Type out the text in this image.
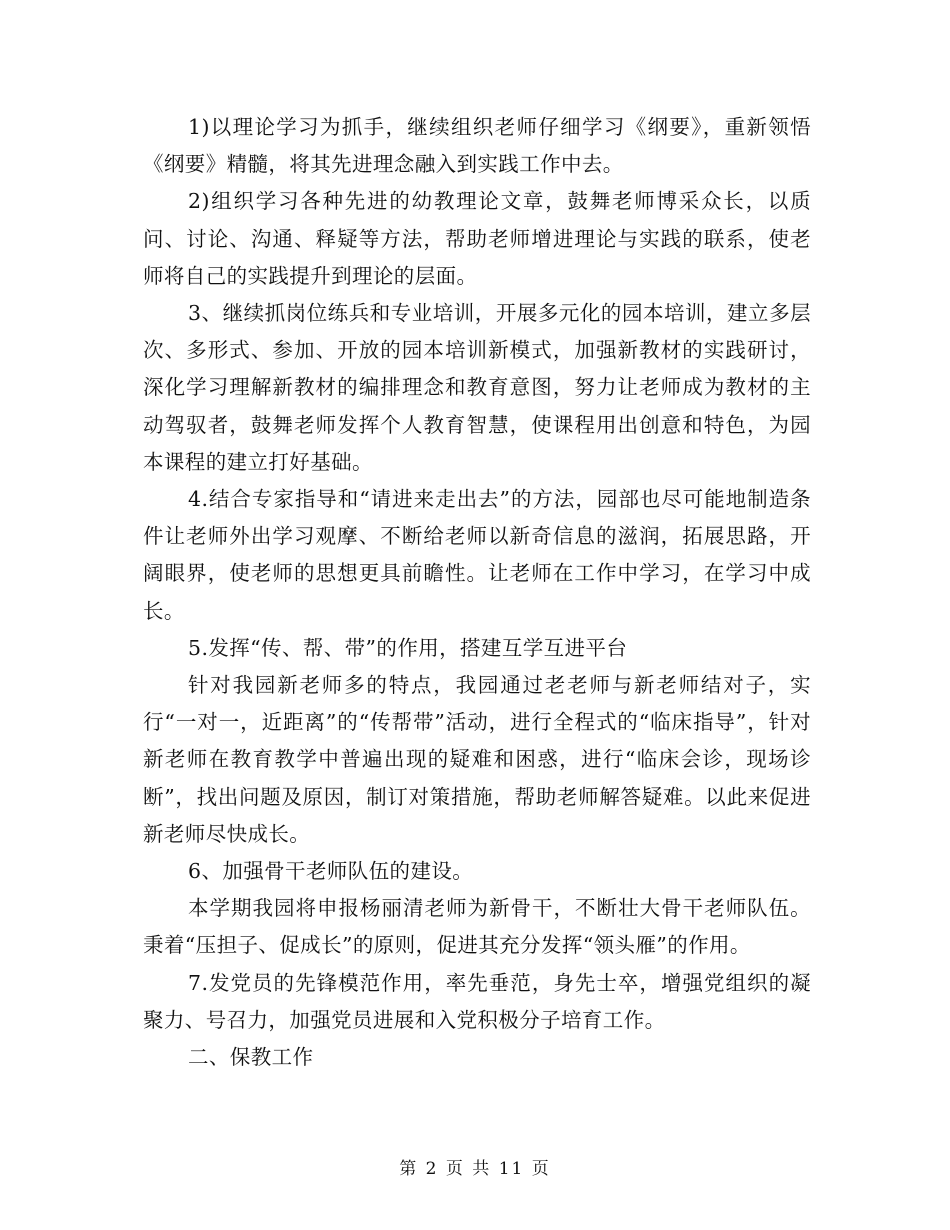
1)以理论学习为抓手，继续组织老师仔细学习《纲要》，重新领悟《纲要》精髓，将其先进理念融入到实践工作中去。

2)组织学习各种先进的幼教理论文章，鼓舞老师博采众长，以质问、讨论、沟通、释疑等方法，帮助老师增进理论与实践的联系，使老师将自己的实践提升到理论的层面。

3、继续抓岗位练兵和专业培训，开展多元化的园本培训，建立多层次、多形式、参加、开放的园本培训新模式，加强新教材的实践研讨，深化学习理解新教材的编排理念和教育意图，努力让老师成为教材的主动驾驭者，鼓舞老师发挥个人教育智慧，使课程用出创意和特色，为园本课程的建立打好基础。

4.结合专家指导和“请进来走出去”的方法，园部也尽可能地制造条件让老师外出学习观摩、不断给老师以新奇信息的滋润，拓展思路，开阔眼界，使老师的思想更具前瞻性。让老师在工作中学习，在学习中成长。

5.发挥“传、帮、带”的作用，搭建互学互进平台

针对我园新老师多的特点，我园通过老老师与新老师结对子，实行“一对一，近距离”的“传帮带”活动，进行全程式的“临床指导”，针对新老师在教育教学中普遍出现的疑难和困惑，进行“临床会诊，现场诊断”，找出问题及原因，制订对策措施，帮助老师解答疑难。以此来促进新老师尽快成长。

6、加强骨干老师队伍的建设。

本学期我园将申报杨丽清老师为新骨干，不断壮大骨干老师队伍。秉着“压担子、促成长”的原则，促进其充分发挥“领头雁”的作用。

7.发党员的先锋模范作用，率先垂范，身先士卒，增强党组织的凝聚力、号召力，加强党员进展和入党积极分子培育工作。

二、保教工作

第 2 页 共 11 页
